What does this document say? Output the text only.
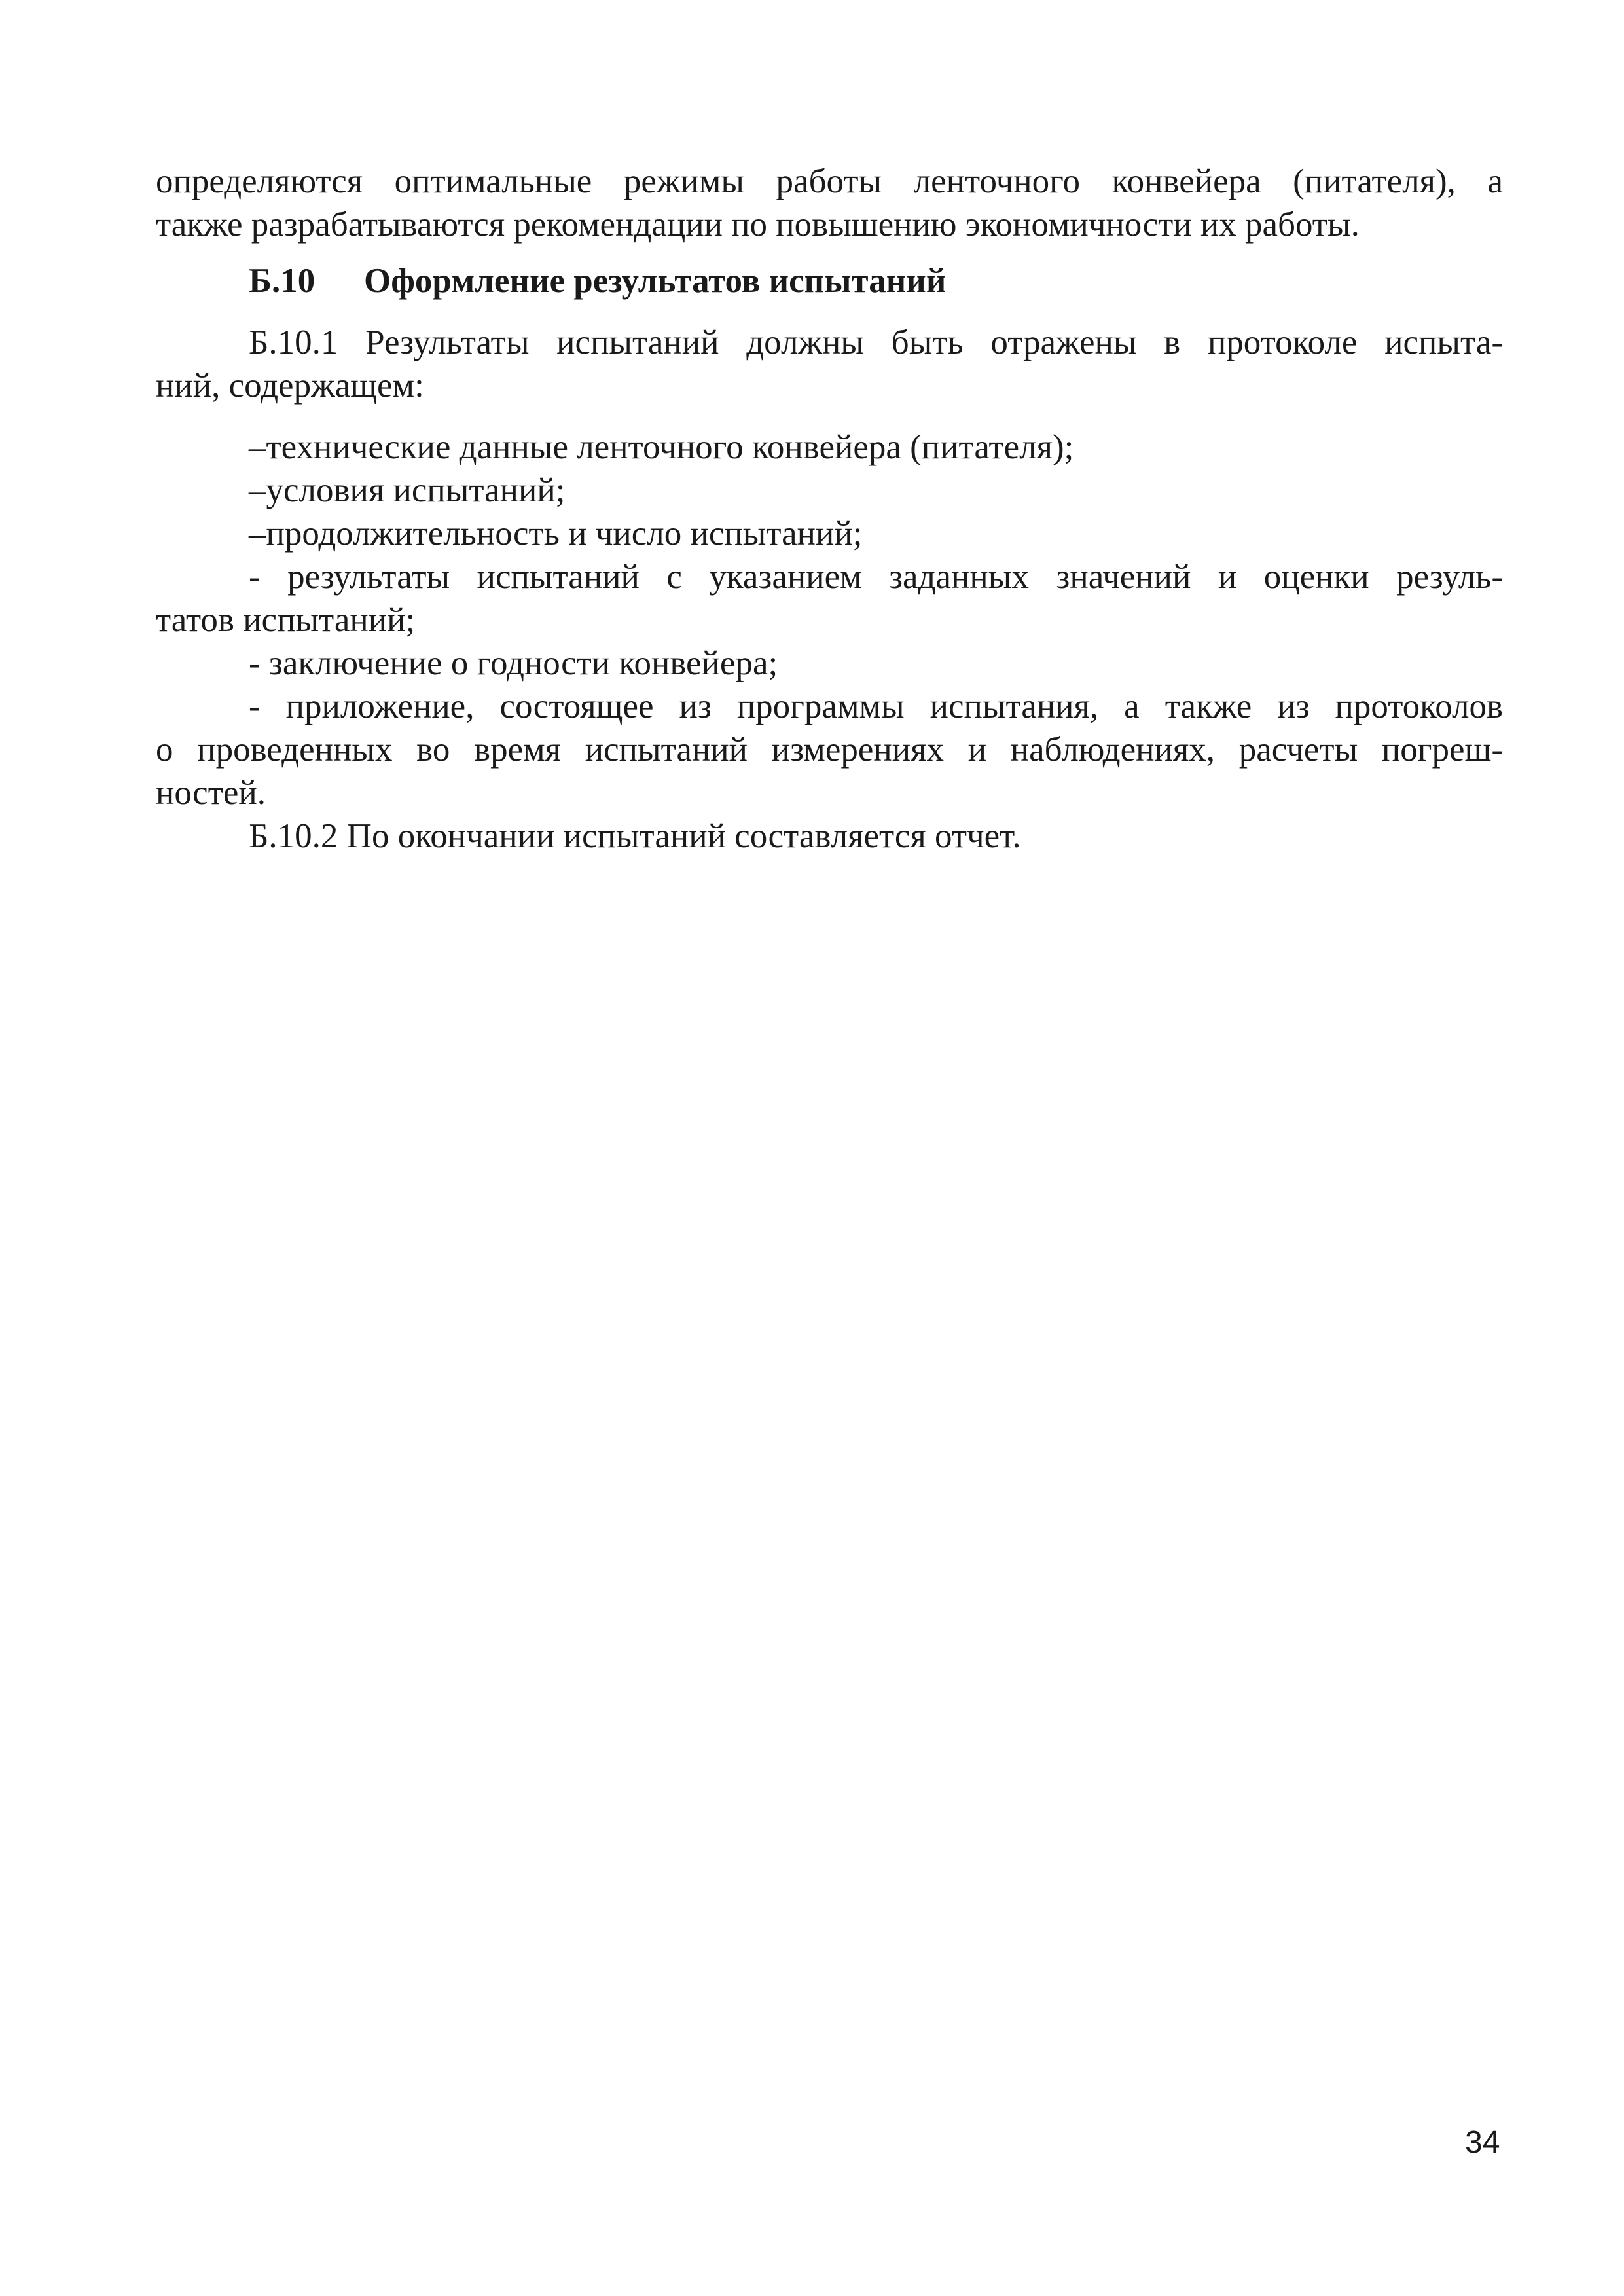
определяются оптимальные режимы работы ленточного конвейера (питателя), а
также разрабатываются рекомендации по повышению экономичности их работы.
Б.10	Оформление результатов испытаний
Б.10.1 Результаты испытаний должны быть отражены в протоколе испыта-
ний, содержащем:
–технические данные ленточного конвейера (питателя);
–условия испытаний;
–продолжительность и число испытаний;
- результаты испытаний с указанием заданных значений и оценки резуль-
татов испытаний;
- заключение о годности конвейера;
- приложение, состоящее из программы испытания, а также из протоколов
о проведенных во время испытаний измерениях и наблюдениях, расчеты погреш-
ностей.
Б.10.2 По окончании испытаний составляется отчет.
34
